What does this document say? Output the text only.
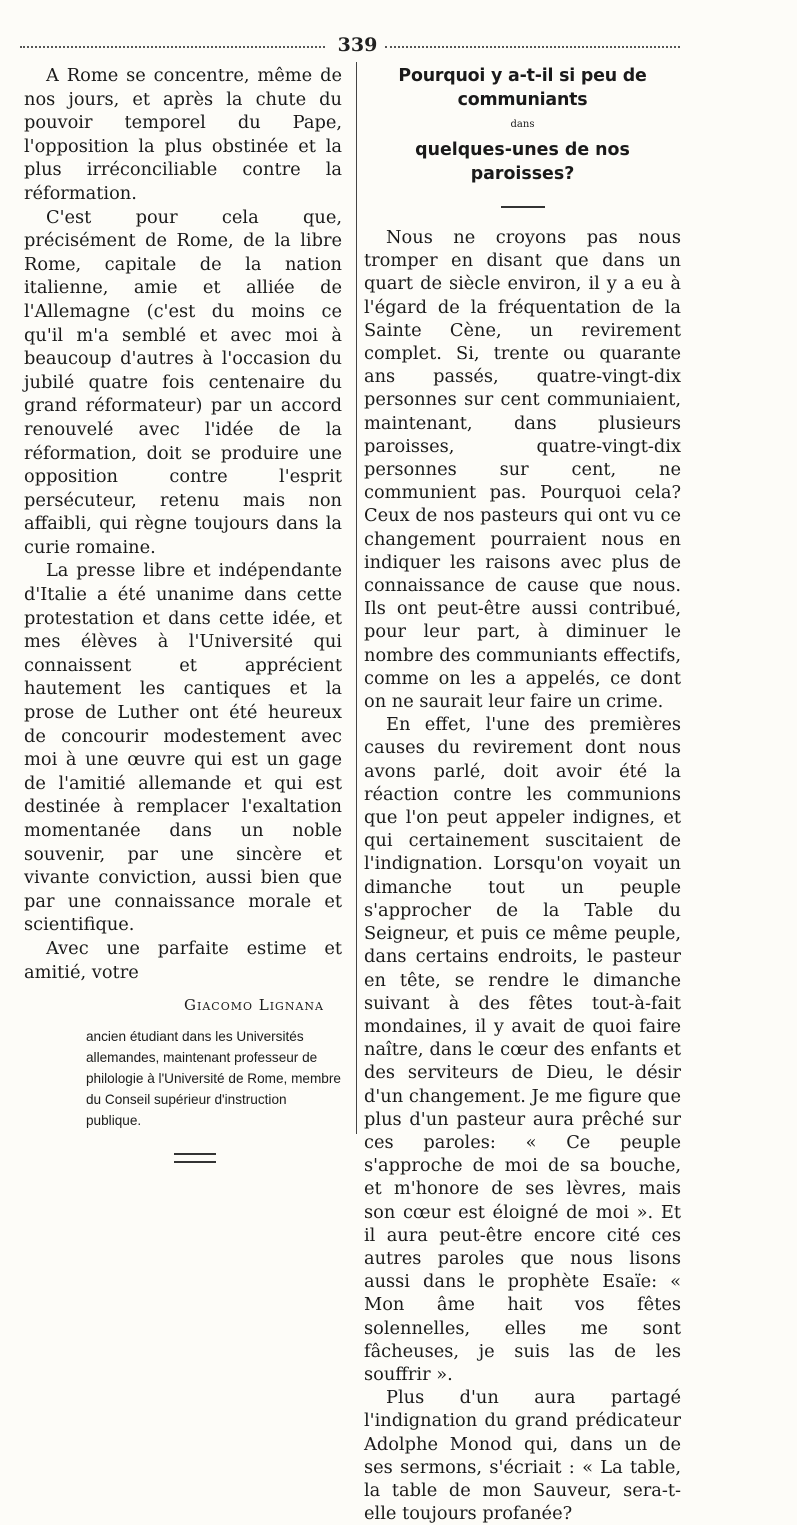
339

A Rome se concentre, même de nos jours, et après la chute du pouvoir temporel du Pape, l'opposition la plus obstinée et la plus irréconciliable contre la réformation.

C'est pour cela que, précisément de Rome, de la libre Rome, capitale de la nation italienne, amie et alliée de l'Allemagne (c'est du moins ce qu'il m'a semblé et avec moi à beaucoup d'autres à l'occasion du jubilé quatre fois centenaire du grand réformateur) par un accord renouvelé avec l'idée de la réformation, doit se produire une opposition contre l'esprit persécuteur, retenu mais non affaibli, qui règne toujours dans la curie romaine.

La presse libre et indépendante d'Italie a été unanime dans cette protestation et dans cette idée, et mes élèves à l'Université qui connaissent et apprécient hautement les cantiques et la prose de Luther ont été heureux de concourir modestement avec moi à une œuvre qui est un gage de l'amitié allemande et qui est destinée à remplacer l'exaltation momentanée dans un noble souvenir, par une sincère et vivante conviction, aussi bien que par une connaissance morale et scientifique.

Avec une parfaite estime et amitié, votre

Giacomo Lignana
ancien étudiant dans les Universités allemandes, maintenant professeur de philologie à l'Université de Rome, membre du Conseil supérieur d'instruction publique.
Pourquoi y a-t-il si peu de communiants
dans
quelques-unes de nos paroisses?

Nous ne croyons pas nous tromper en disant que dans un quart de siècle environ, il y a eu à l'égard de la fréquentation de la Sainte Cène, un revirement complet. Si, trente ou quarante ans passés, quatre-vingt-dix personnes sur cent communiaient, maintenant, dans plusieurs paroisses, quatre-vingt-dix personnes sur cent, ne communient pas. Pourquoi cela? Ceux de nos pasteurs qui ont vu ce changement pourraient nous en indiquer les raisons avec plus de connaissance de cause que nous. Ils ont peut-être aussi contribué, pour leur part, à diminuer le nombre des communiants effectifs, comme on les a appelés, ce dont on ne saurait leur faire un crime.

En effet, l'une des premières causes du revirement dont nous avons parlé, doit avoir été la réaction contre les communions que l'on peut appeler indignes, et qui certainement suscitaient de l'indignation. Lorsqu'on voyait un dimanche tout un peuple s'approcher de la Table du Seigneur, et puis ce même peuple, dans certains endroits, le pasteur en tête, se rendre le dimanche suivant à des fêtes tout-à-fait mondaines, il y avait de quoi faire naître, dans le cœur des enfants et des serviteurs de Dieu, le désir d'un changement. Je me figure que plus d'un pasteur aura prêché sur ces paroles: « Ce peuple s'approche de moi de sa bouche, et m'honore de ses lèvres, mais son cœur est éloigné de moi ». Et il aura peut-être encore cité ces autres paroles que nous lisons aussi dans le prophète Esaïe: « Mon âme hait vos fêtes solennelles, elles me sont fâcheuses, je suis las de les souffrir ».

Plus d'un aura partagé l'indignation du grand prédicateur Adolphe Monod qui, dans un de ses sermons, s'écriait : « La table, la table de mon Sauveur, sera-t-elle toujours profanée?
